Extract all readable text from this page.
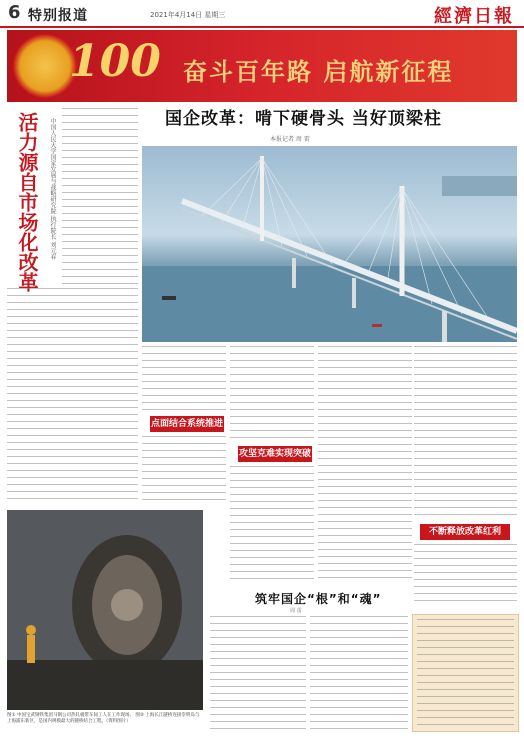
6 特别报道	2021年4月14日 星期三	經濟日報
100 奋斗百年路 启航新征程
活力源自市场化改革	中国人民大学国家发展与战略研究院 执行院长 刘元春	国企改革：啃下硬骨头 当好顶梁柱
本报记者 周 雷
点面结合系统推进
攻坚克难实现突破
不断释放改革红利
图① 中国宝武钢铁集团马钢公司热轧板带车间工人在工作现场。 图② 上海长江隧桥连接崇明岛与上海浦东新区，是国内规模最大的隧桥结合工程。（资料图片）
筑牢国企“根”和“魂”
周 雷
